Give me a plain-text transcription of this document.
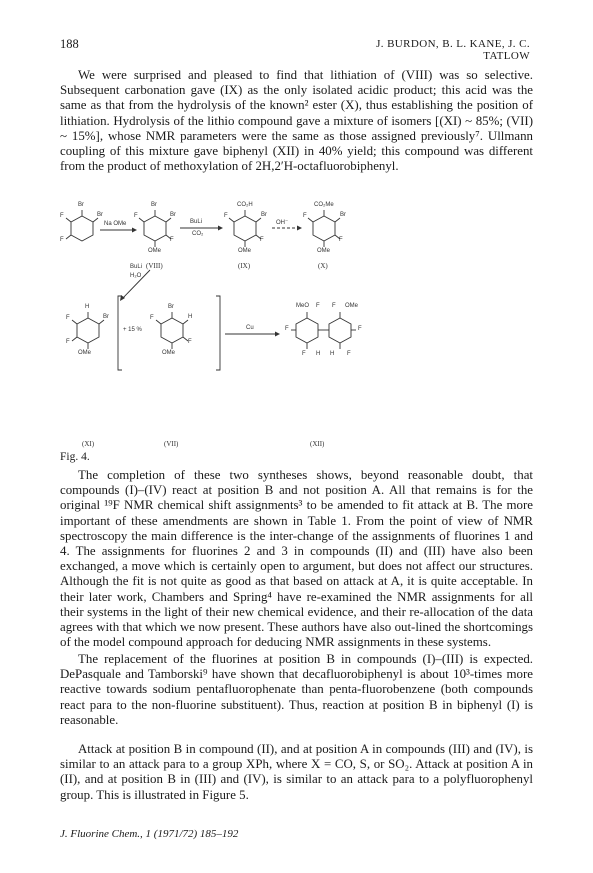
188	J. BURDON, B. L. KANE, J. C. TATLOW

We were surprised and pleased to find that lithiation of (VIII) was so selective. Subsequent carbonation gave (IX) as the only isolated acidic product; this acid was the same as that from the hydrolysis of the known² ester (X), thus establishing the position of lithiation. Hydrolysis of the lithio compound gave a mixture of isomers [(XI) ~ 85%; (VII) ~ 15%], whose NMR parameters were the same as those assigned previously⁷. Ullmann coupling of this mixture gave biphenyl (XII) in 40% yield; this compound was different from the product of methoxylation of 2H,2′H-octafluorobiphenyl.

Br
Br
F
F
Na OMe
Br
Br
F
F
OMe
BuLi
CO₂
CO₂H
Br
F
F
OMe
OH⁻
CO₂Me
Br
F
F
OMe
(VIII)	(IX)	(X)
BuLi
H₂O
H
Br
F
F
OMe
+ 15 %
Br
H
F
F
OMe
Cu
MeO F F OMe
F	F
F H H F
(XI)	(VII)	(XII)
Fig. 4.

The completion of these two syntheses shows, beyond reasonable doubt, that compounds (I)–(IV) react at position B and not position A. All that remains is for the original ¹⁹F NMR chemical shift assignments³ to be amended to fit attack at B. The more important of these amendments are shown in Table 1. From the point of view of NMR spectroscopy the main difference is the inter-change of the assignments of fluorines 1 and 4. The assignments for fluorines 2 and 3 in compounds (II) and (III) have also been exchanged, a move which is certainly open to argument, but does not affect our structures. Although the fit is not quite as good as that based on attack at A, it is quite acceptable. In their later work, Chambers and Spring⁴ have re-examined the NMR assignments for all their systems in the light of their new chemical evidence, and their re-allocation of the data agrees with that which we now present. These authors have also out-lined the shortcomings of the model compound approach for deducing NMR assignments in these systems.

The replacement of the fluorines at position B in compounds (I)–(III) is expected. DePasquale and Tamborski⁹ have shown that decafluorobiphenyl is about 10³-times more reactive towards sodium pentafluorophenate than penta-fluorobenzene (both compounds react para to the non-fluorine substituent). Thus, reaction at position B in biphenyl (I) is reasonable.

Attack at position B in compound (II), and at position A in compounds (III) and (IV), is similar to an attack para to a group XPh, where X = CO, S, or SO₂. Attack at position A in (II), and at position B in (III) and (IV), is similar to an attack para to a polyfluorophenyl group. This is illustrated in Figure 5.

J. Fluorine Chem., 1 (1971/72) 185–192
